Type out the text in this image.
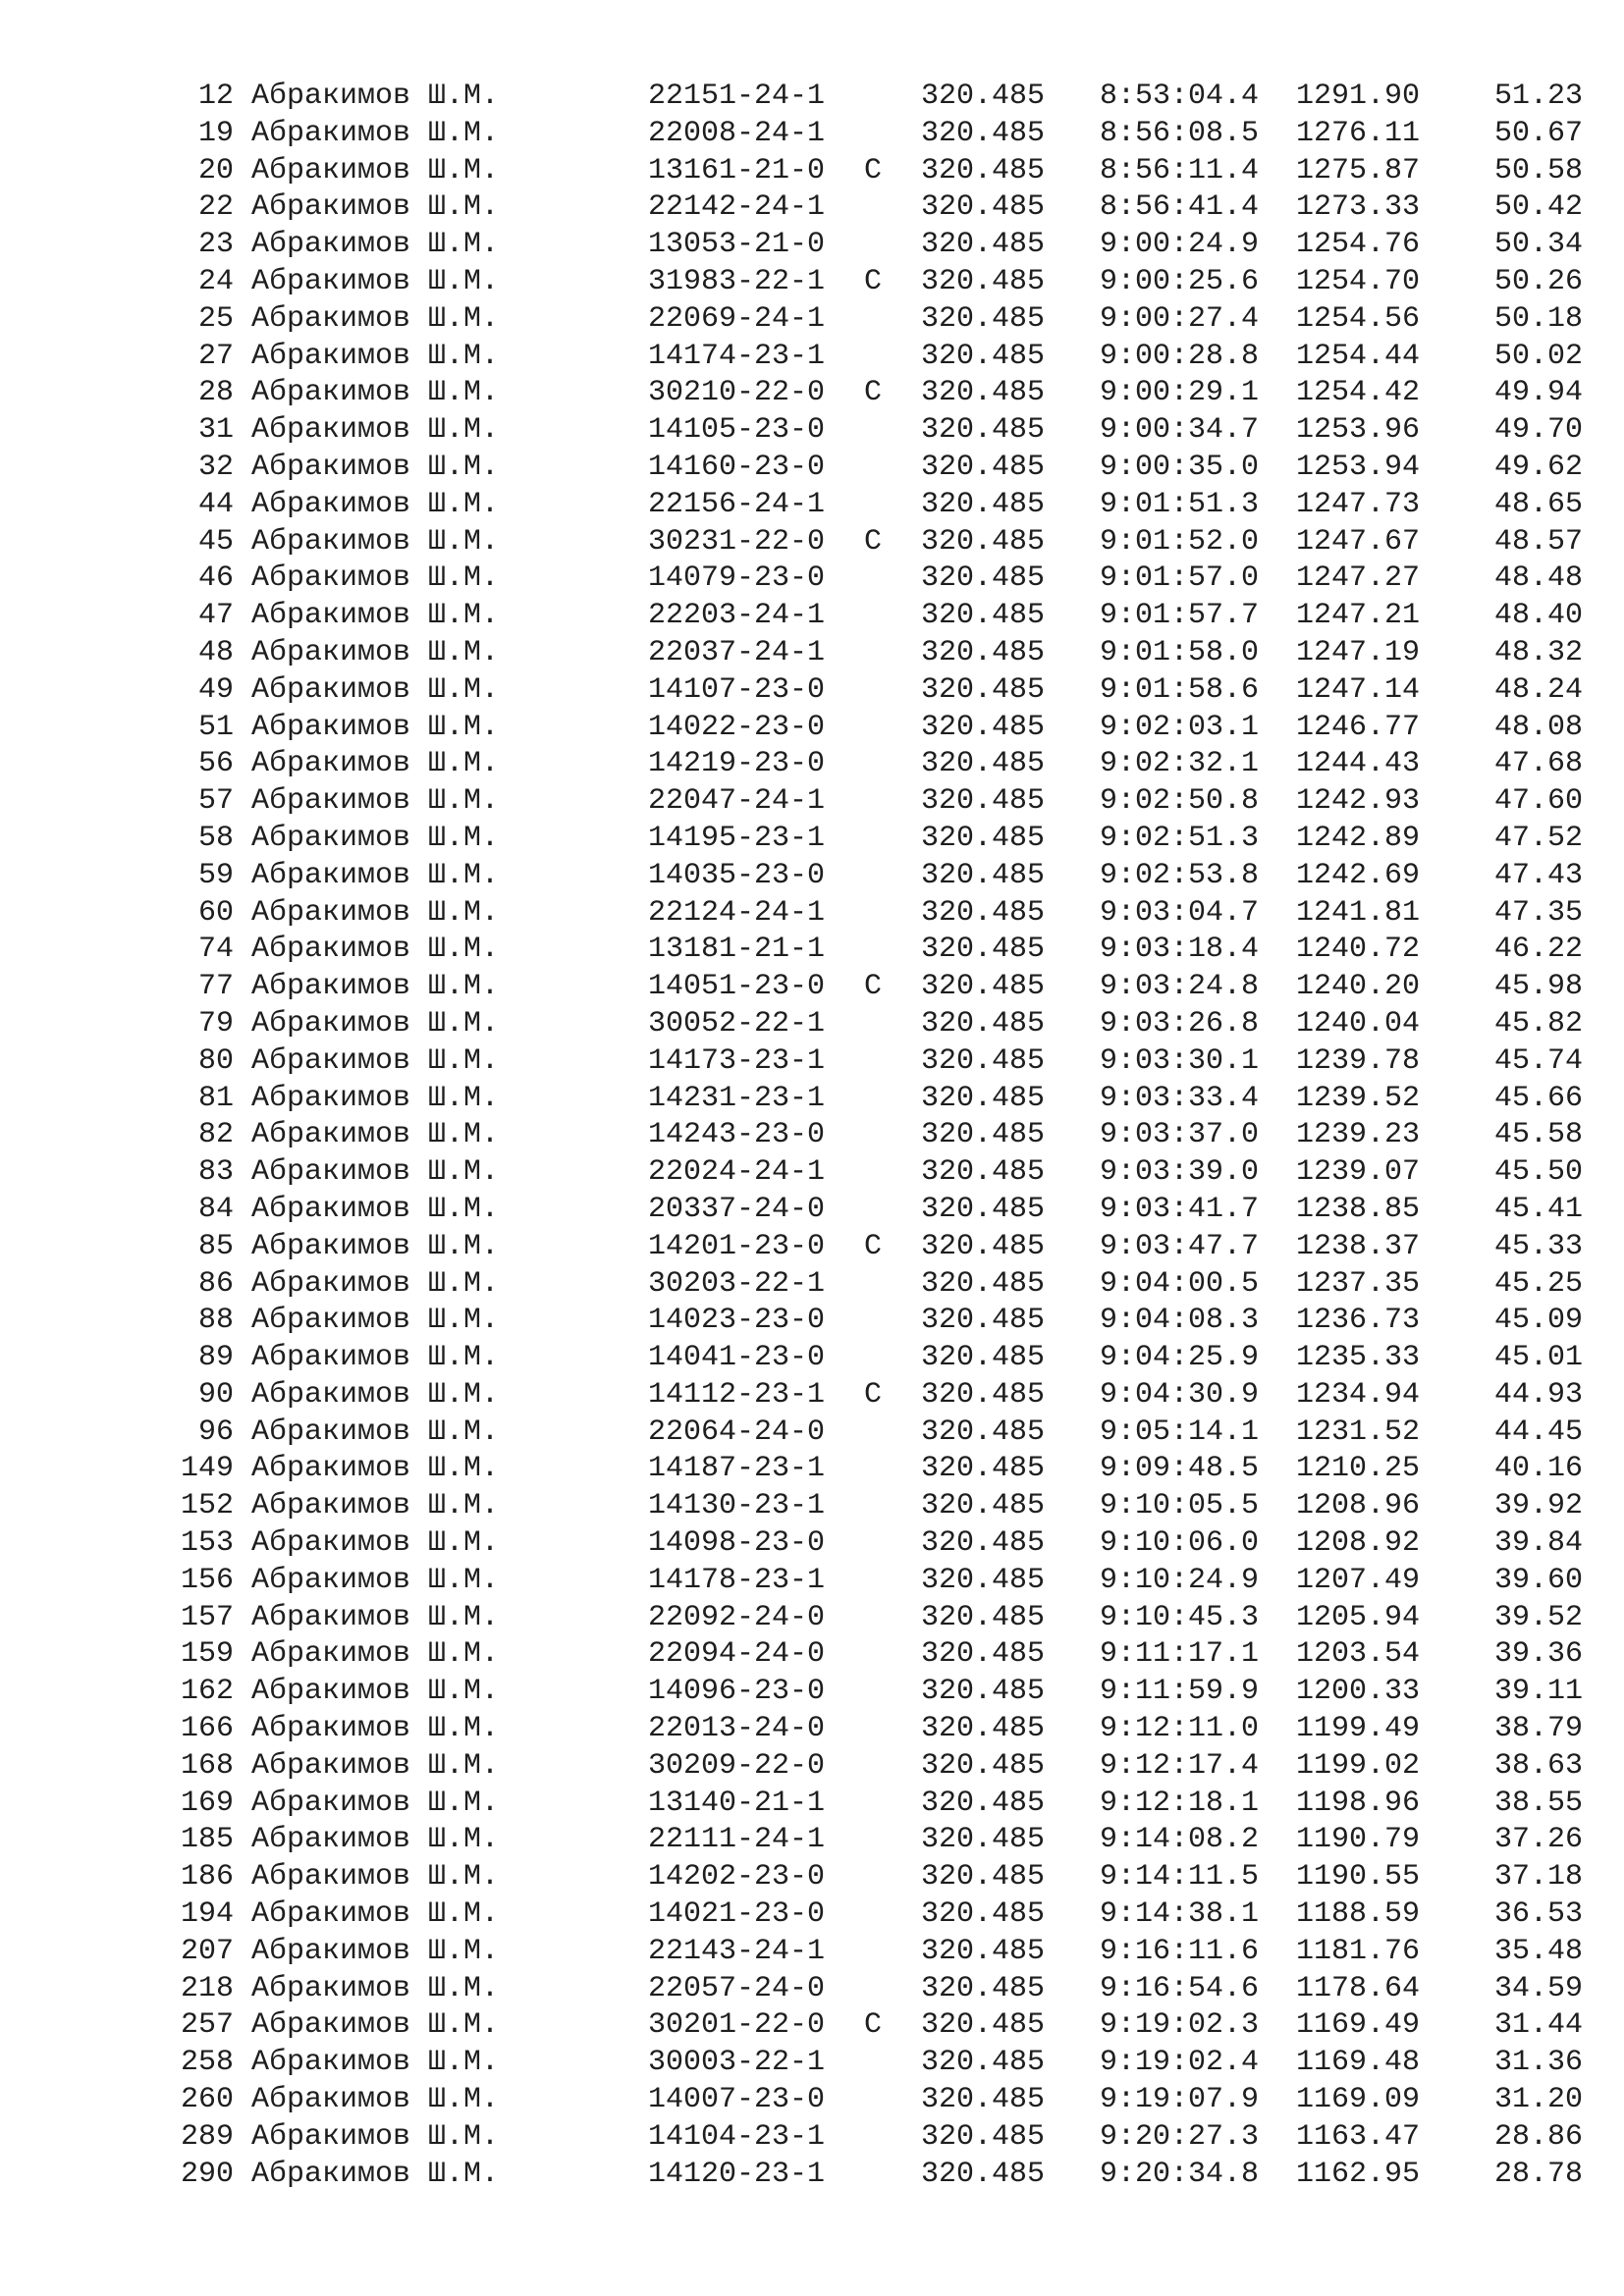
12 Абракимов Ш.М.	22151-24-1	320.485 8:53:04.4 1291.90	51.23
19 Абракимов Ш.М.	22008-24-1	320.485 8:56:08.5 1276.11	50.67
20 Абракимов Ш.М.	13161-21-0 С 320.485 8:56:11.4 1275.87	50.58
22 Абракимов Ш.М.	22142-24-1	320.485 8:56:41.4 1273.33	50.42
23 Абракимов Ш.М.	13053-21-0	320.485 9:00:24.9 1254.76	50.34
24 Абракимов Ш.М.	31983-22-1 С 320.485 9:00:25.6 1254.70	50.26
25 Абракимов Ш.М.	22069-24-1	320.485 9:00:27.4 1254.56	50.18
27 Абракимов Ш.М.	14174-23-1	320.485 9:00:28.8 1254.44	50.02
28 Абракимов Ш.М.	30210-22-0 С 320.485 9:00:29.1 1254.42	49.94
31 Абракимов Ш.М.	14105-23-0	320.485 9:00:34.7 1253.96	49.70
32 Абракимов Ш.М.	14160-23-0	320.485 9:00:35.0 1253.94	49.62
44 Абракимов Ш.М.	22156-24-1	320.485 9:01:51.3 1247.73	48.65
45 Абракимов Ш.М.	30231-22-0 С 320.485 9:01:52.0 1247.67	48.57
46 Абракимов Ш.М.	14079-23-0	320.485 9:01:57.0 1247.27	48.48
47 Абракимов Ш.М.	22203-24-1	320.485 9:01:57.7 1247.21	48.40
48 Абракимов Ш.М.	22037-24-1	320.485 9:01:58.0 1247.19	48.32
49 Абракимов Ш.М.	14107-23-0	320.485 9:01:58.6 1247.14	48.24
51 Абракимов Ш.М.	14022-23-0	320.485 9:02:03.1 1246.77	48.08
56 Абракимов Ш.М.	14219-23-0	320.485 9:02:32.1 1244.43	47.68
57 Абракимов Ш.М.	22047-24-1	320.485 9:02:50.8 1242.93	47.60
58 Абракимов Ш.М.	14195-23-1	320.485 9:02:51.3 1242.89	47.52
59 Абракимов Ш.М.	14035-23-0	320.485 9:02:53.8 1242.69	47.43
60 Абракимов Ш.М.	22124-24-1	320.485 9:03:04.7 1241.81	47.35
74 Абракимов Ш.М.	13181-21-1	320.485 9:03:18.4 1240.72	46.22
77 Абракимов Ш.М.	14051-23-0 С 320.485 9:03:24.8 1240.20	45.98
79 Абракимов Ш.М.	30052-22-1	320.485 9:03:26.8 1240.04	45.82
80 Абракимов Ш.М.	14173-23-1	320.485 9:03:30.1 1239.78	45.74
81 Абракимов Ш.М.	14231-23-1	320.485 9:03:33.4 1239.52	45.66
82 Абракимов Ш.М.	14243-23-0	320.485 9:03:37.0 1239.23	45.58
83 Абракимов Ш.М.	22024-24-1	320.485 9:03:39.0 1239.07	45.50
84 Абракимов Ш.М.	20337-24-0	320.485 9:03:41.7 1238.85	45.41
85 Абракимов Ш.М.	14201-23-0 С 320.485 9:03:47.7 1238.37	45.33
86 Абракимов Ш.М.	30203-22-1	320.485 9:04:00.5 1237.35	45.25
88 Абракимов Ш.М.	14023-23-0	320.485 9:04:08.3 1236.73	45.09
89 Абракимов Ш.М.	14041-23-0	320.485 9:04:25.9 1235.33	45.01
90 Абракимов Ш.М.	14112-23-1 С 320.485 9:04:30.9 1234.94	44.93
96 Абракимов Ш.М.	22064-24-0	320.485 9:05:14.1 1231.52	44.45
149 Абракимов Ш.М.	14187-23-1	320.485 9:09:48.5 1210.25	40.16
152 Абракимов Ш.М.	14130-23-1	320.485 9:10:05.5 1208.96	39.92
153 Абракимов Ш.М.	14098-23-0	320.485 9:10:06.0 1208.92	39.84
156 Абракимов Ш.М.	14178-23-1	320.485 9:10:24.9 1207.49	39.60
157 Абракимов Ш.М.	22092-24-0	320.485 9:10:45.3 1205.94	39.52
159 Абракимов Ш.М.	22094-24-0	320.485 9:11:17.1 1203.54	39.36
162 Абракимов Ш.М.	14096-23-0	320.485 9:11:59.9 1200.33	39.11
166 Абракимов Ш.М.	22013-24-0	320.485 9:12:11.0 1199.49	38.79
168 Абракимов Ш.М.	30209-22-0	320.485 9:12:17.4 1199.02	38.63
169 Абракимов Ш.М.	13140-21-1	320.485 9:12:18.1 1198.96	38.55
185 Абракимов Ш.М.	22111-24-1	320.485 9:14:08.2 1190.79	37.26
186 Абракимов Ш.М.	14202-23-0	320.485 9:14:11.5 1190.55	37.18
194 Абракимов Ш.М.	14021-23-0	320.485 9:14:38.1 1188.59	36.53
207 Абракимов Ш.М.	22143-24-1	320.485 9:16:11.6 1181.76	35.48
218 Абракимов Ш.М.	22057-24-0	320.485 9:16:54.6 1178.64	34.59
257 Абракимов Ш.М.	30201-22-0 С 320.485 9:19:02.3 1169.49	31.44
258 Абракимов Ш.М.	30003-22-1	320.485 9:19:02.4 1169.48	31.36
260 Абракимов Ш.М.	14007-23-0	320.485 9:19:07.9 1169.09	31.20
289 Абракимов Ш.М.	14104-23-1	320.485 9:20:27.3 1163.47	28.86
290 Абракимов Ш.М.	14120-23-1	320.485 9:20:34.8 1162.95	28.78
